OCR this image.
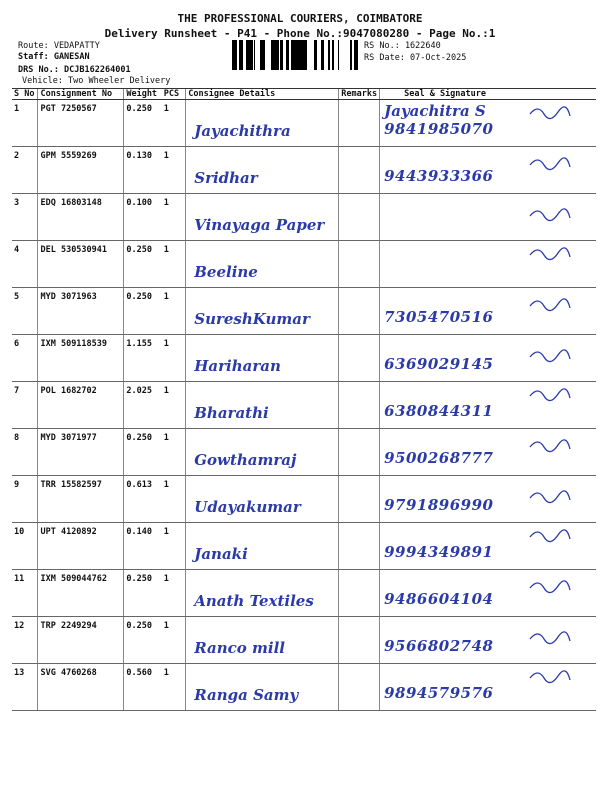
THE PROFESSIONAL COURIERS, COIMBATORE
Delivery Runsheet - P41 - Phone No.:9047080280 - Page No.:1
Route: VEDAPATTY
Staff: GANESAN
DRS No.: DCJB162264001
Vehicle: Two Wheeler Delivery
RS No.: 1622640
RS Date: 07-Oct-2025
S No	Consignment No	Weight	PCS	Consignee Details	Remarks	Seal & Signature
1	PGT 7250567	0.250	1	Jayachithra		Jayachitra S
9841985070

2	GPM 5559269	0.130	1	Sridhar		9443933366

3	EDQ 16803148	0.100	1	Vinayaga Paper

4	DEL 530530941	0.250	1	Beeline

5	MYD 3071963	0.250	1	SureshKumar		7305470516

6	IXM 509118539	1.155	1	Hariharan		6369029145

7	POL 1682702	2.025	1	Bharathi		6380844311

8	MYD 3071977	0.250	1	Gowthamraj		9500268777

9	TRR 15582597	0.613	1	Udayakumar		9791896990

10	UPT 4120892	0.140	1	Janaki		9994349891

11	IXM 509044762	0.250	1	Anath Textiles		9486604104

12	TRP 2249294	0.250	1	Ranco mill		9566802748

13	SVG 4760268	0.560	1	Ranga Samy		9894579576
